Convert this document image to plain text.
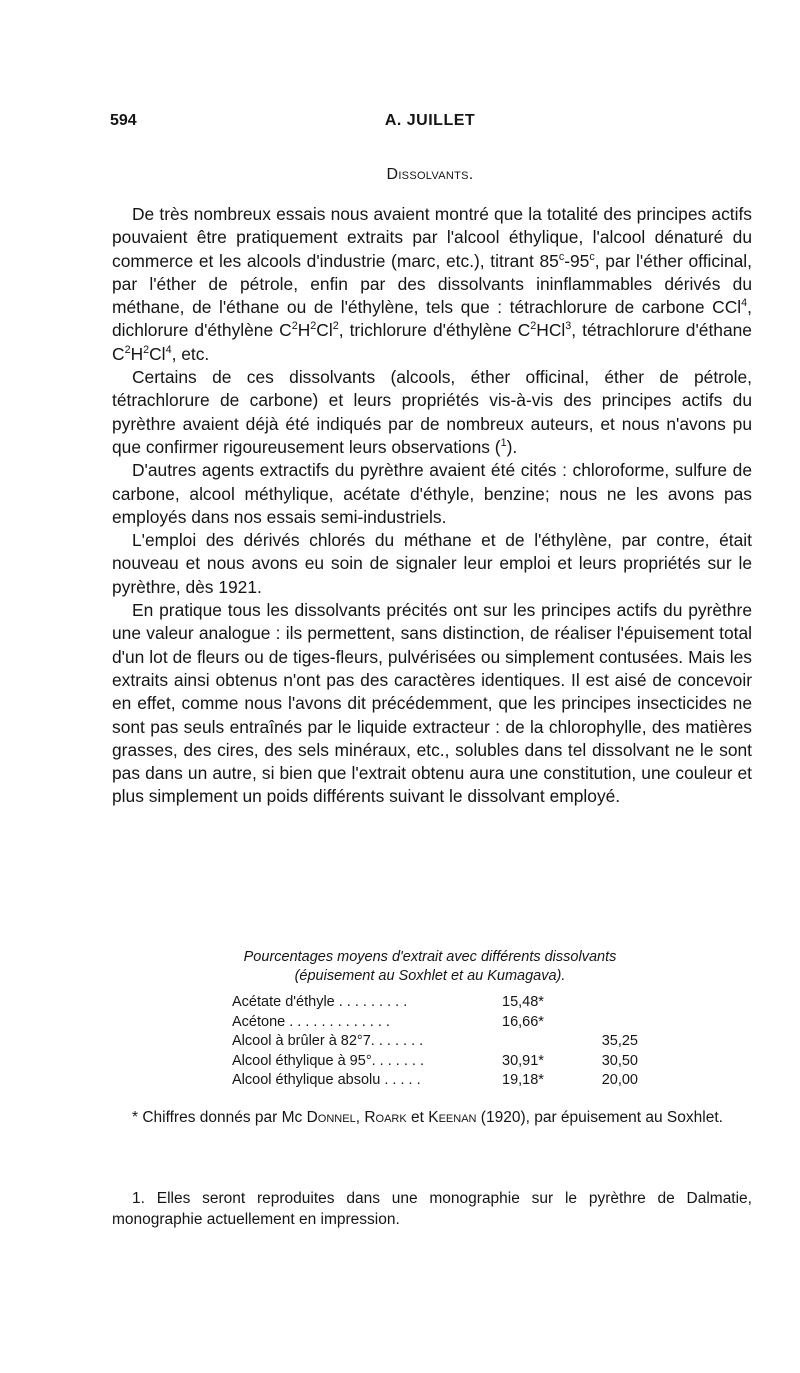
594	A. JUILLET
Dissolvants.

De très nombreux essais nous avaient montré que la totalité des principes actifs pouvaient être pratiquement extraits par l'alcool éthylique, l'alcool dénaturé du commerce et les alcools d'industrie (marc, etc.), titrant 85$^c$-95$^c$, par l'éther officinal, par l'éther de pétrole, enfin par des dissolvants ininflammables dérivés du méthane, de l'éthane ou de l'éthylène, tels que : tétrachlorure de carbone CCl$^4$, dichlorure d'éthylène $C^2H^2Cl^2$, trichlorure d'éthylène $C^2HCl^3$, tétrachlorure d'éthane $C^2H^2Cl^4$, etc.

Certains de ces dissolvants (alcools, éther officinal, éther de pétrole, tétrachlorure de carbone) et leurs propriétés vis-à-vis des principes actifs du pyrèthre avaient déjà été indiqués par de nombreux auteurs, et nous n'avons pu que confirmer rigoureusement leurs observations ($^1$).

D'autres agents extractifs du pyrèthre avaient été cités : chloroforme, sulfure de carbone, alcool méthylique, acétate d'éthyle, benzine; nous ne les avons pas employés dans nos essais semi-industriels.

L'emploi des dérivés chlorés du méthane et de l'éthylène, par contre, était nouveau et nous avons eu soin de signaler leur emploi et leurs propriétés sur le pyrèthre, dès 1921.

En pratique tous les dissolvants précités ont sur les principes actifs du pyrèthre une valeur analogue : ils permettent, sans distinction, de réaliser l'épuisement total d'un lot de fleurs ou de tiges-fleurs, pulvérisées ou simplement contusées. Mais les extraits ainsi obtenus n'ont pas des caractères identiques. Il est aisé de concevoir en effet, comme nous l'avons dit précédemment, que les principes insecticides ne sont pas seuls entraînés par le liquide extracteur : de la chlorophylle, des matières grasses, des cires, des sels minéraux, etc., solubles dans tel dissolvant ne le sont pas dans un autre, si bien que l'extrait obtenu aura une constitution, une couleur et plus simplement un poids différents suivant le dissolvant employé.

Pourcentages moyens d'extrait avec différents dissolvants
(épuisement au Soxhlet et au Kumagava).
Acétate d'éthyle . . . . . . . . .	15,48*	
Acétone . . . . . . . . . . . . .	16,66*	
Alcool à brûler à 82°7. . . . . . .		35,25
Alcool éthylique à 95°. . . . . . .	30,91*	30,50
Alcool éthylique absolu . . . . .	19,18*	20,00
* Chiffres donnés par Mc Donnel, Roark et Keenan (1920), par épuisement au Soxhlet.
1. Elles seront reproduites dans une monographie sur le pyrèthre de Dalmatie, monographie actuellement en impression.
